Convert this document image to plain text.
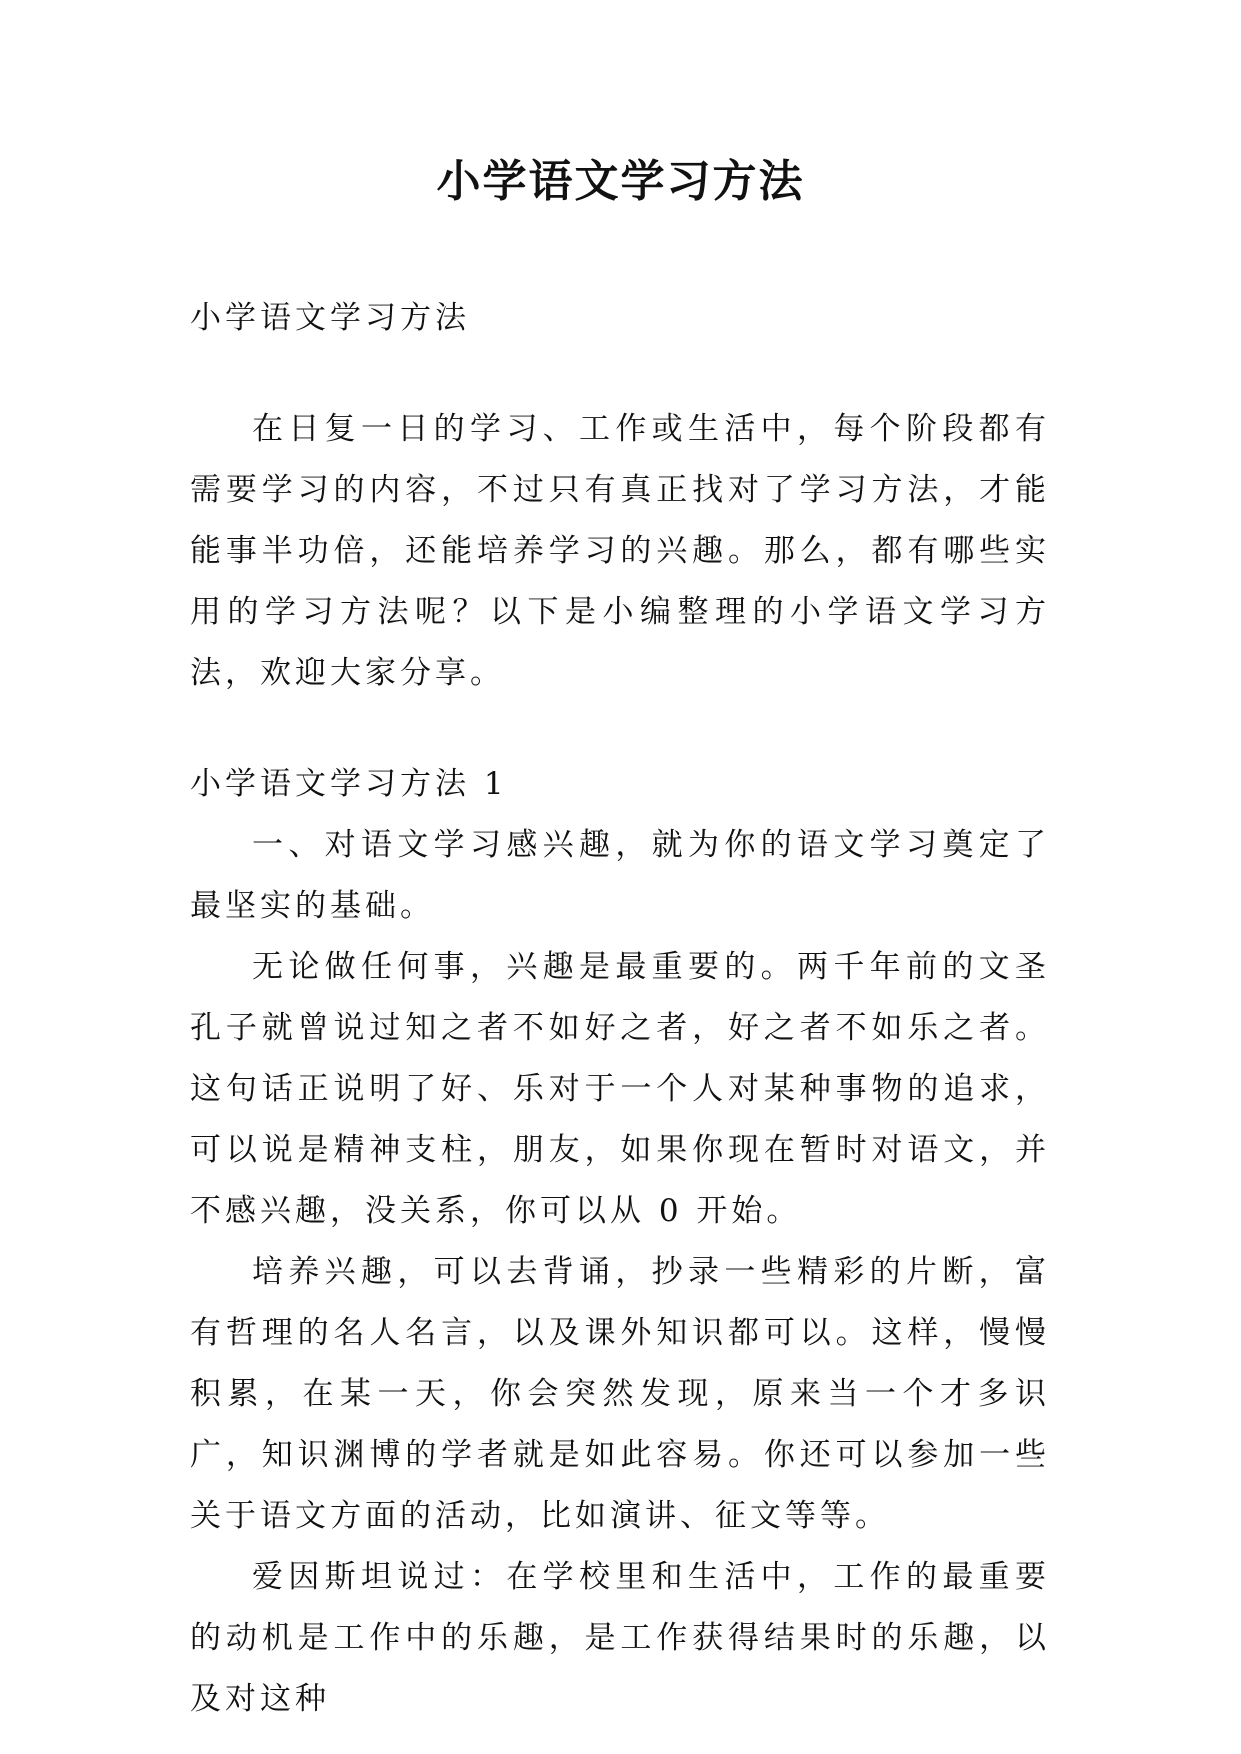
小学语文学习方法

小学语文学习方法

在日复一日的学习、工作或生活中，每个阶段都有需要学习的内容，不过只有真正找对了学习方法，才能能事半功倍，还能培养学习的兴趣。那么，都有哪些实用的学习方法呢？以下是小编整理的小学语文学习方法，欢迎大家分享。

小学语文学习方法 1

一、对语文学习感兴趣，就为你的语文学习奠定了最坚实的基础。

无论做任何事，兴趣是最重要的。两千年前的文圣孔子就曾说过知之者不如好之者，好之者不如乐之者。这句话正说明了好、乐对于一个人对某种事物的追求，可以说是精神支柱，朋友，如果你现在暂时对语文，并不感兴趣，没关系，你可以从 0 开始。

培养兴趣，可以去背诵，抄录一些精彩的片断，富有哲理的名人名言，以及课外知识都可以。这样，慢慢积累，在某一天，你会突然发现，原来当一个才多识广，知识渊博的学者就是如此容易。你还可以参加一些关于语文方面的活动，比如演讲、征文等等。

爱因斯坦说过：在学校里和生活中，工作的最重要的动机是工作中的乐趣，是工作获得结果时的乐趣，以及对这种
